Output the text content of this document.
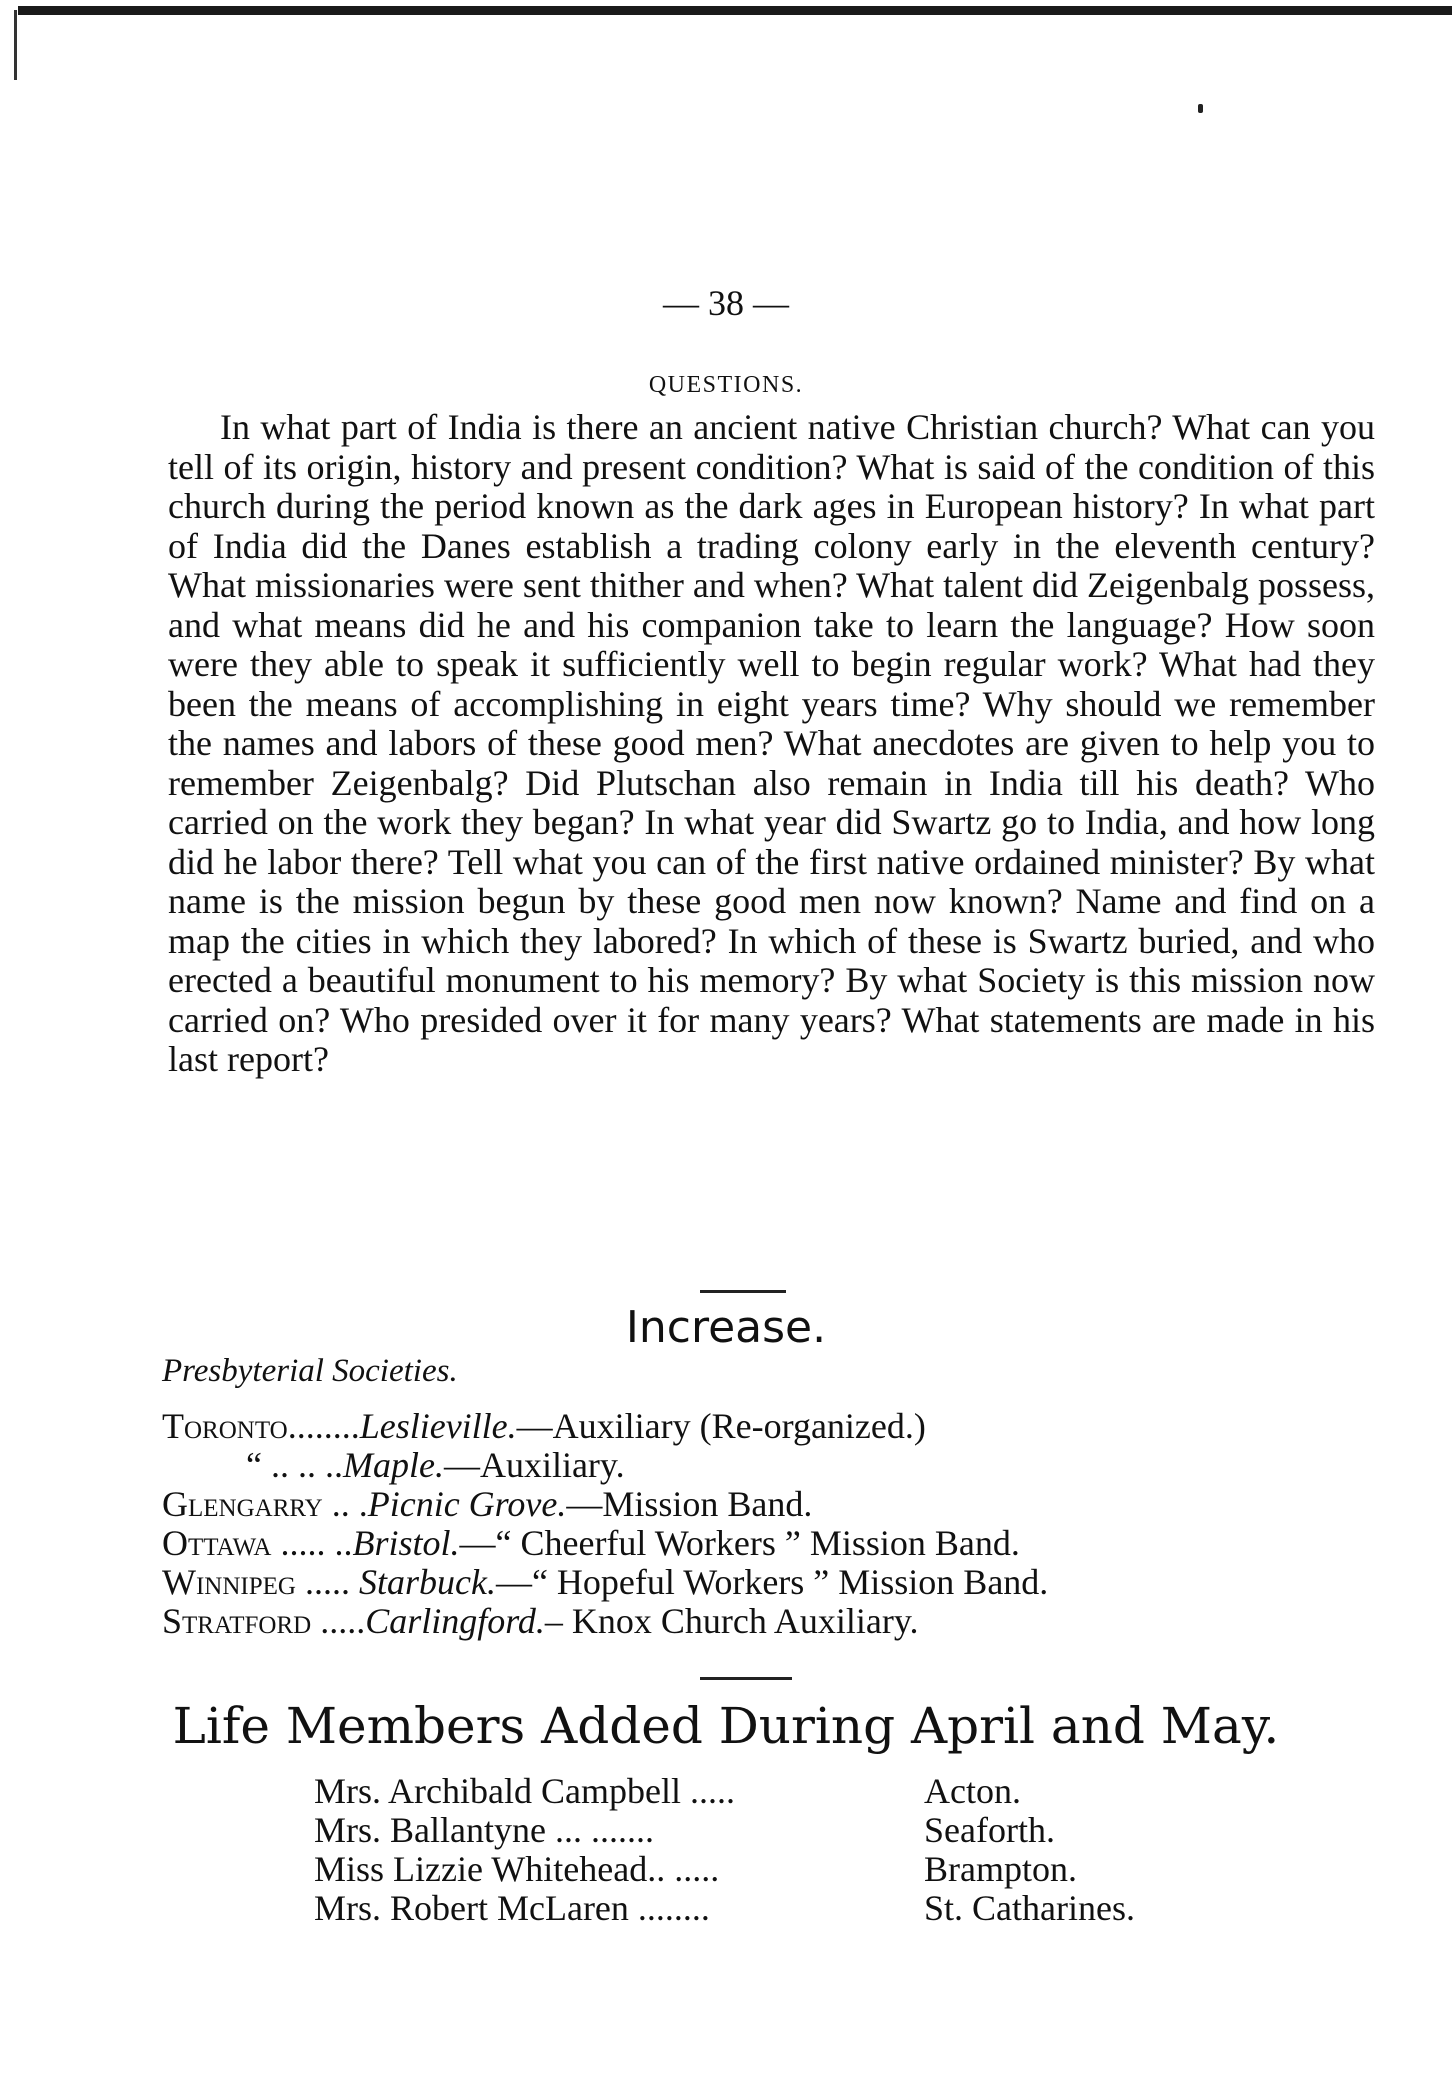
— 38 —
QUESTIONS.

In what part of India is there an ancient native Christian church? What can you tell of its origin, history and present condition? What is said of the condition of this church during the period known as the dark ages in European history? In what part of India did the Danes establish a trading colony early in the eleventh century? What missionaries were sent thither and when? What talent did Zeigenbalg possess, and what means did he and his companion take to learn the language? How soon were they able to speak it sufficiently well to begin regular work? What had they been the means of accomplishing in eight years time? Why should we remember the names and labors of these good men? What anecdotes are given to help you to remember Zeigenbalg? Did Plutschan also remain in India till his death? Who carried on the work they began? In what year did Swartz go to India, and how long did he labor there? Tell what you can of the first native ordained minister? By what name is the mission begun by these good men now known? Name and find on a map the cities in which they labored? In which of these is Swartz buried, and who erected a beautiful monument to his memory? By what Society is this mission now carried on? Who presided over it for many years? What statements are made in his last report?

Increase.
Presbyterial Societies.
Toronto........Leslieville.—Auxiliary (Re-organized.)
“ .. .. ..Maple.—Auxiliary.
Glengarry .. .Picnic Grove.—Mission Band.
Ottawa ..... ..Bristol.—“ Cheerful Workers ” Mission Band.
Winnipeg ..... Starbuck.—“ Hopeful Workers ” Mission Band.
Stratford .....Carlingford.– Knox Church Auxiliary.
Life Members Added During April and May.
Mrs. Archibald Campbell .....	Acton.
Mrs. Ballantyne ... .......	Seaforth.
Miss Lizzie Whitehead.. .....	Brampton.
Mrs. Robert McLaren ........	St. Catharines.
